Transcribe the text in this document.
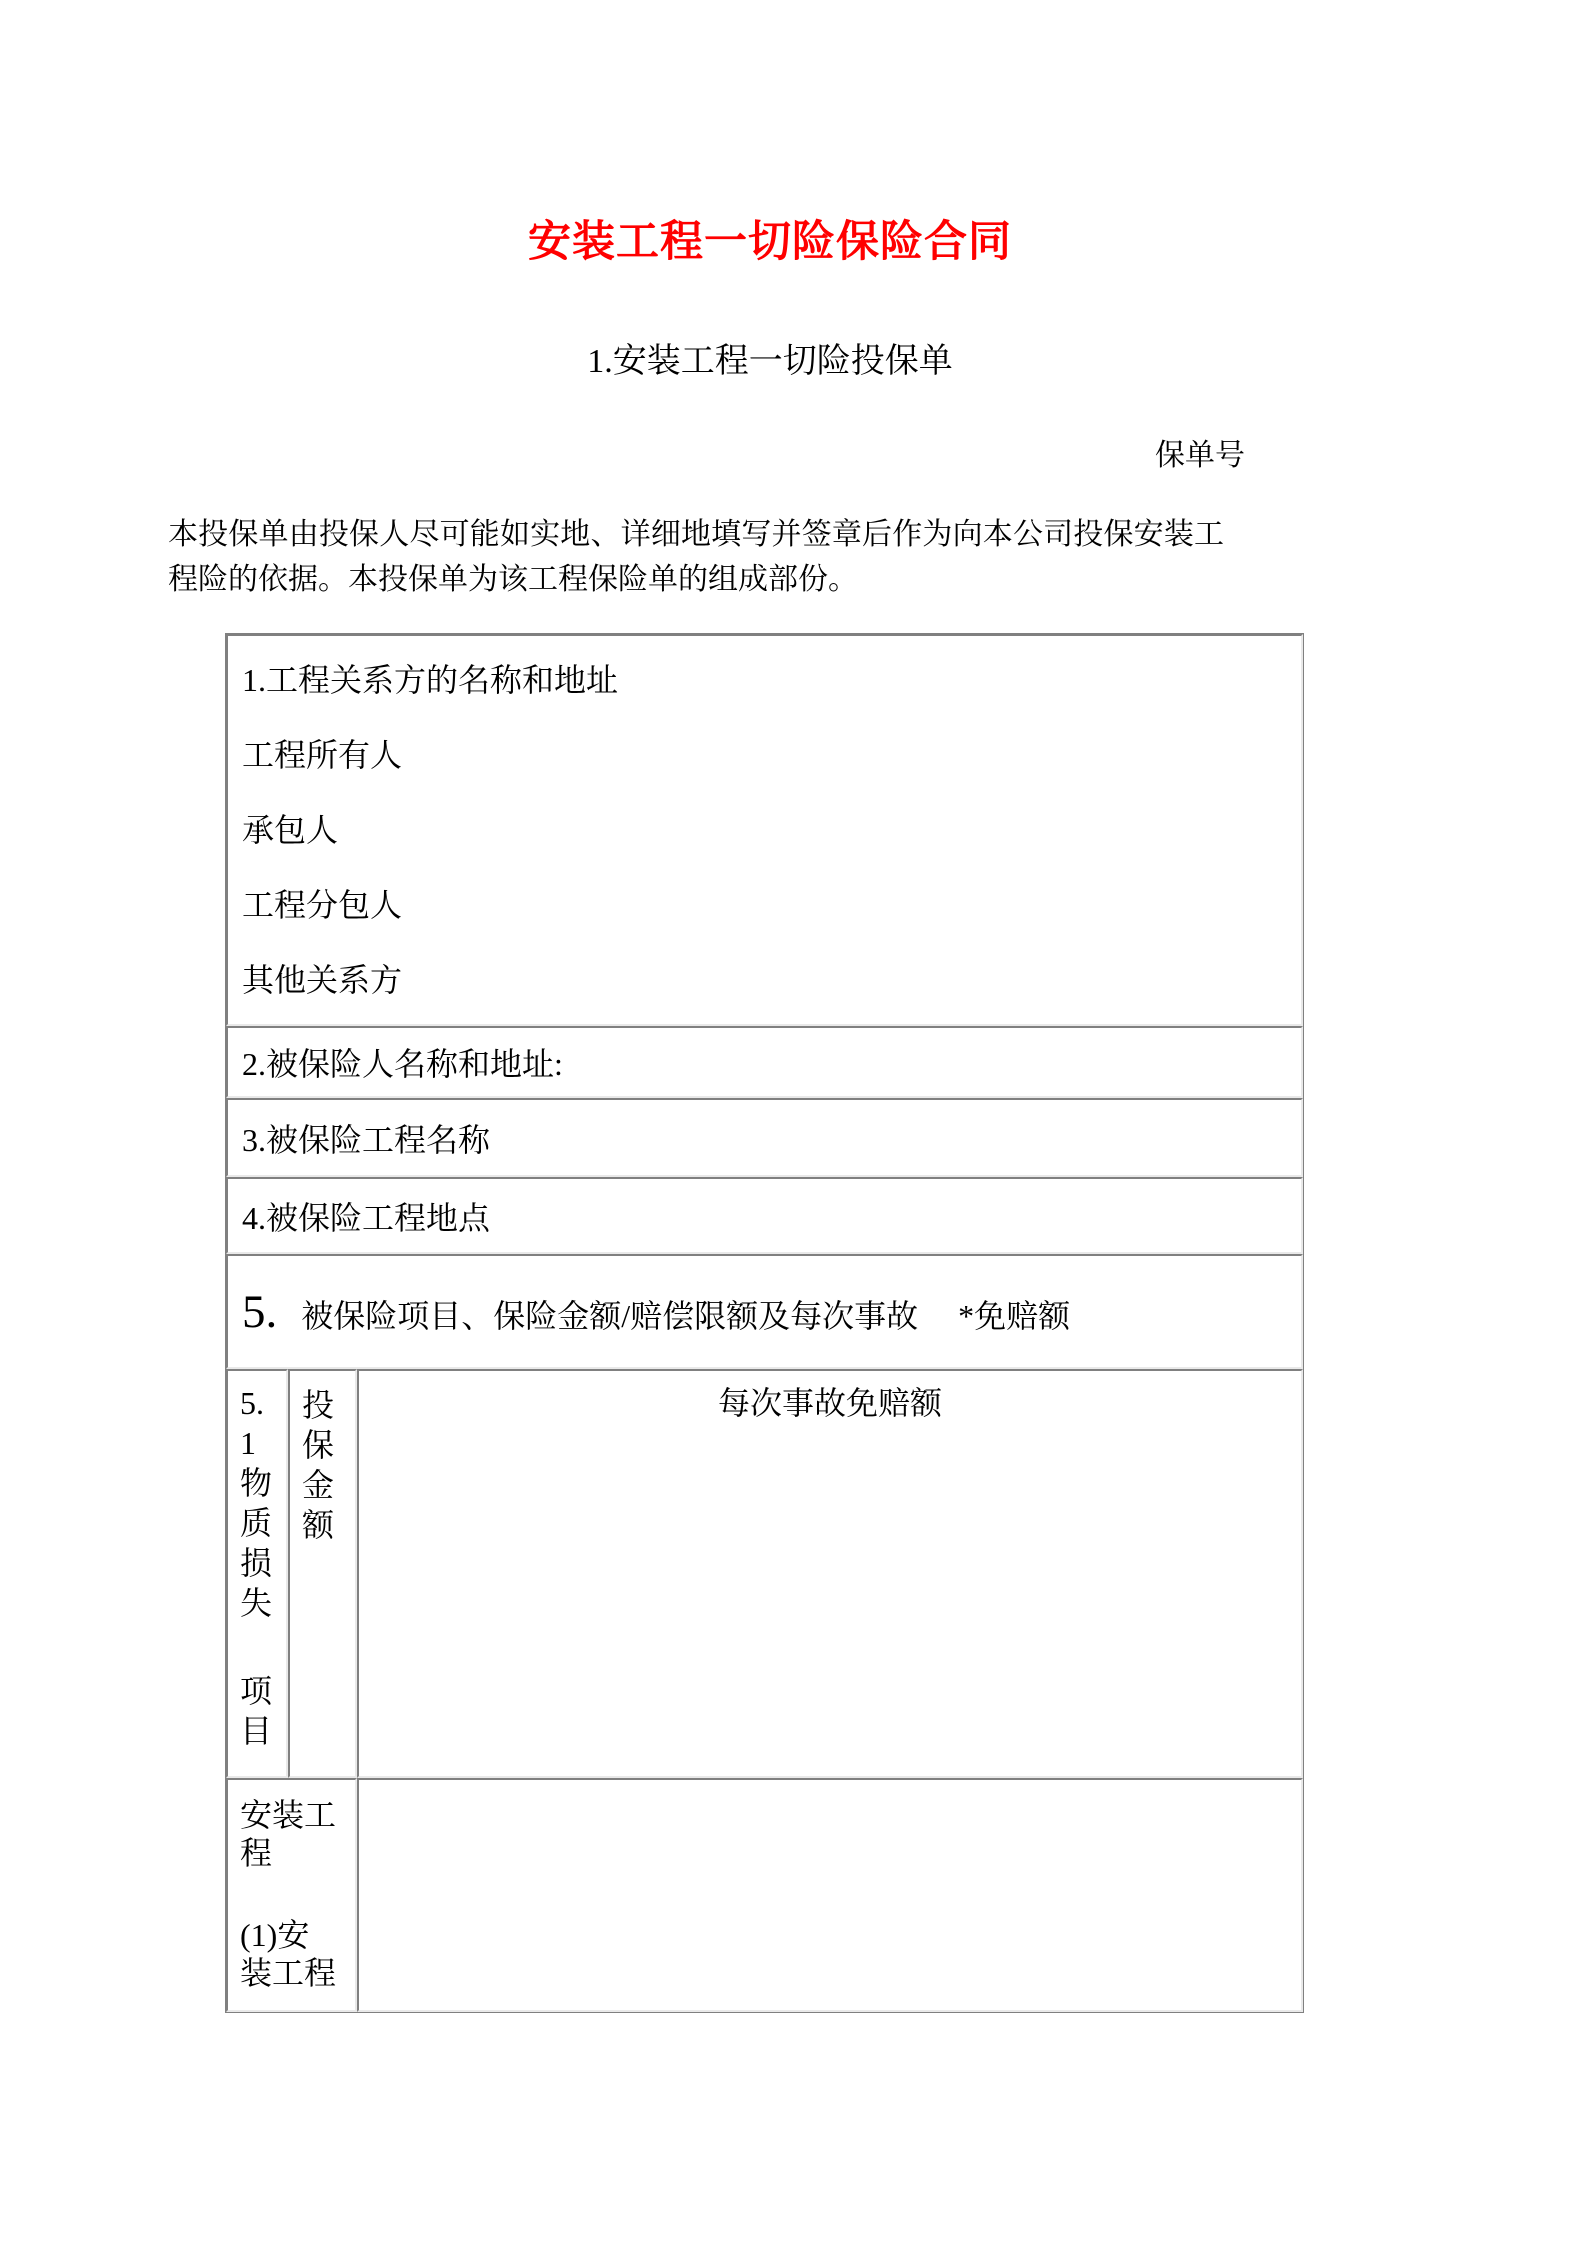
安装工程一切险保险合同
1.安装工程一切险投保单
保单号
本投保单由投保人尽可能如实地、详细地填写并签章后作为向本公司投保安装工程险的依据。本投保单为该工程保险单的组成部份。

1.工程关系方的名称和地址

工程所有人

承包人

工程分包人

其他关系方		

2.被保险人名称和地址:		
3.被保险工程名称		
4.被保险工程地点		
5. 被保险项目、保险金额/赔偿限额及每次事故 *免赔额		

5.1物质损失

项目	投保金额	每次事故免赔额

安装工程

(1)安装工程		
